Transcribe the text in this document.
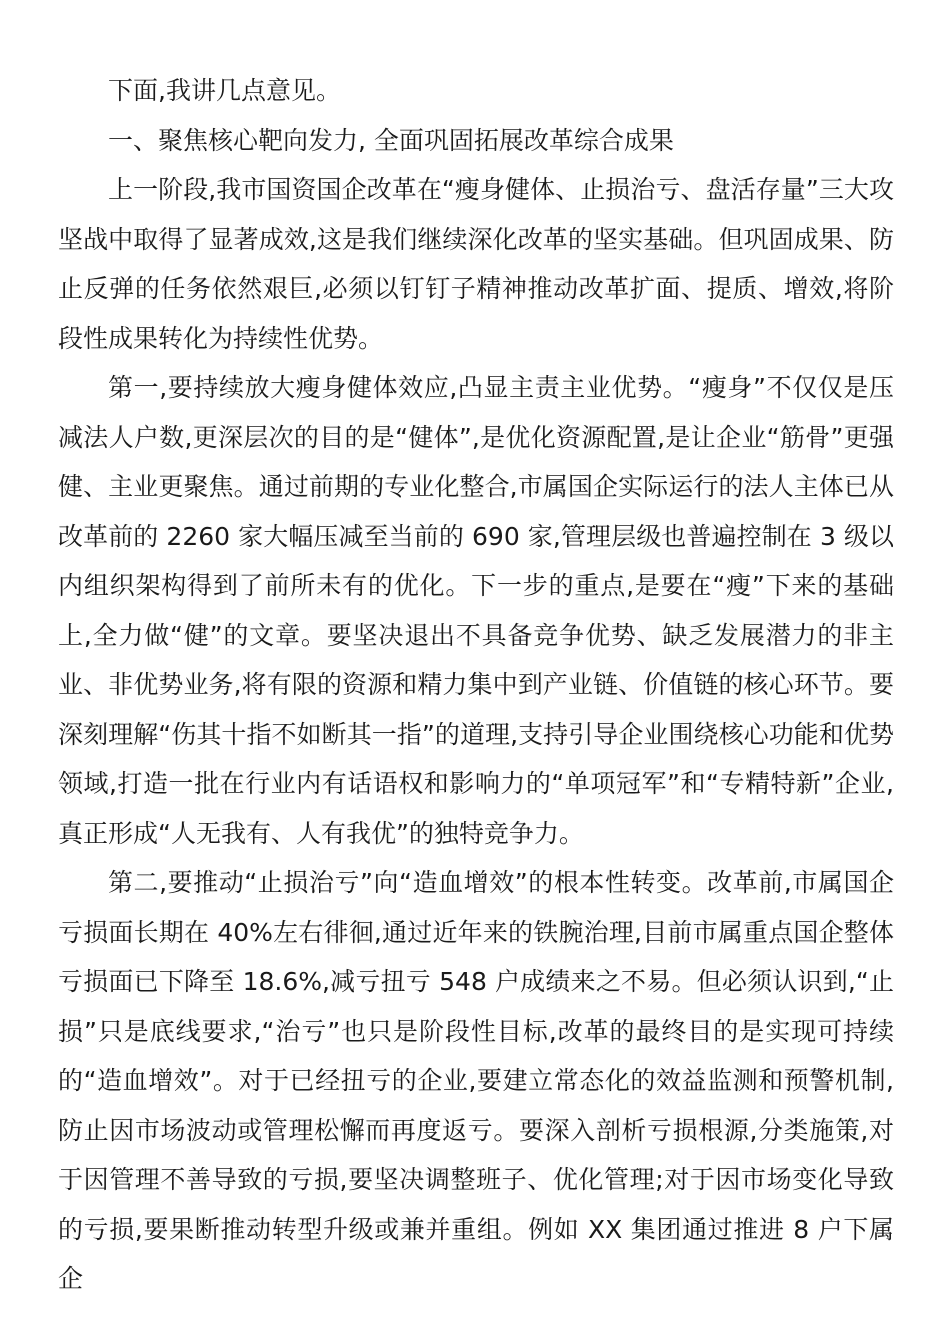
下面,我讲几点意见。

一、聚焦核心靶向发力, 全面巩固拓展改革综合成果

上一阶段,我市国资国企改革在“瘦身健体、止损治亏、盘活存量”三大攻坚战中取得了显著成效,这是我们继续深化改革的坚实基础。但巩固成果、防止反弹的任务依然艰巨,必须以钉钉子精神推动改革扩面、提质、增效,将阶段性成果转化为持续性优势。

第一,要持续放大瘦身健体效应,凸显主责主业优势。“瘦身”不仅仅是压减法人户数,更深层次的目的是“健体”,是优化资源配置,是让企业“筋骨”更强健、主业更聚焦。通过前期的专业化整合,市属国企实际运行的法人主体已从改革前的 2260 家大幅压减至当前的 690 家,管理层级也普遍控制在 3 级以内组织架构得到了前所未有的优化。下一步的重点,是要在“瘦”下来的基础上,全力做“健”的文章。要坚决退出不具备竞争优势、缺乏发展潜力的非主业、非优势业务,将有限的资源和精力集中到产业链、价值链的核心环节。要深刻理解“伤其十指不如断其一指”的道理,支持引导企业围绕核心功能和优势领域,打造一批在行业内有话语权和影响力的“单项冠军”和“专精特新”企业,真正形成“人无我有、人有我优”的独特竞争力。

第二,要推动“止损治亏”向“造血增效”的根本性转变。改革前,市属国企亏损面长期在 40%左右徘徊,通过近年来的铁腕治理,目前市属重点国企整体亏损面已下降至 18.6%,减亏扭亏 548 户成绩来之不易。但必须认识到,“止损”只是底线要求,“治亏”也只是阶段性目标,改革的最终目的是实现可持续的“造血增效”。对于已经扭亏的企业,要建立常态化的效益监测和预警机制,防止因市场波动或管理松懈而再度返亏。要深入剖析亏损根源,分类施策,对于因管理不善导致的亏损,要坚决调整班子、优化管理;对于因市场变化导致的亏损,要果断推动转型升级或兼并重组。例如 XX 集团通过推进 8 户下属企
